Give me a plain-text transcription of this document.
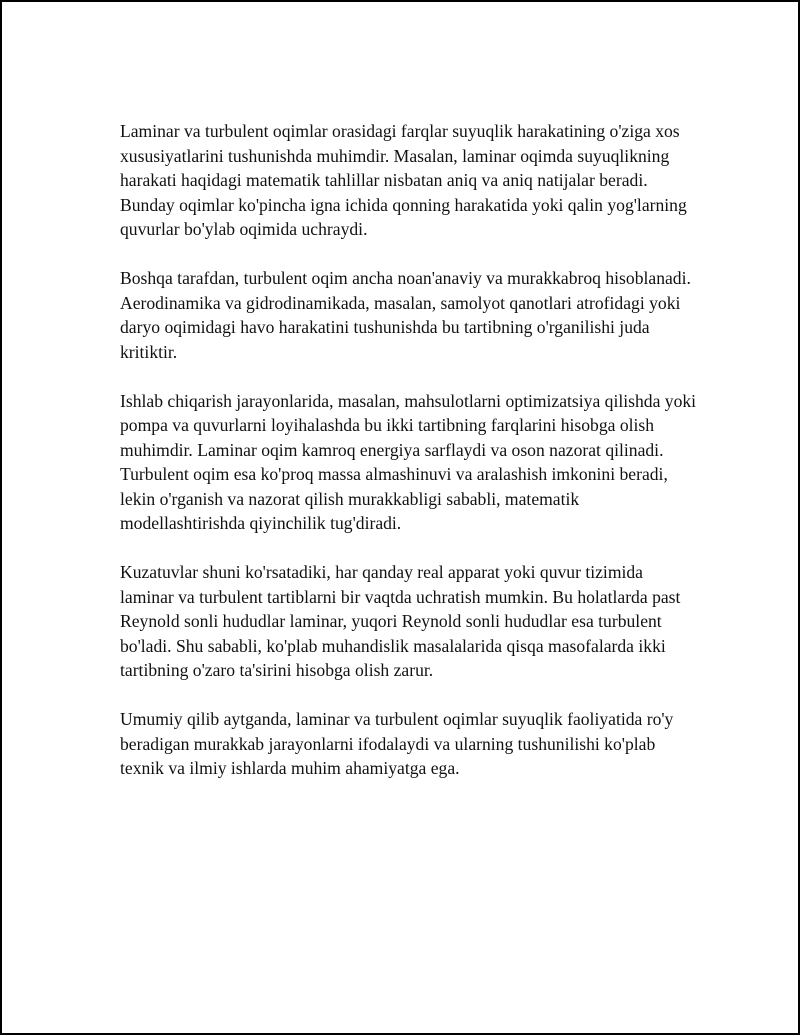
Laminar va turbulent oqimlar orasidagi farqlar suyuqlik harakatining o'ziga xos xususiyatlarini tushunishda muhimdir. Masalan, laminar oqimda suyuqlikning harakati haqidagi matematik tahlillar nisbatan aniq va aniq natijalar beradi. Bunday oqimlar ko'pincha igna ichida qonning harakatida yoki qalin yog'larning quvurlar bo'ylab oqimida uchraydi.

Boshqa tarafdan, turbulent oqim ancha noan'anaviy va murakkabroq hisoblanadi. Aerodinamika va gidrodinamikada, masalan, samolyot qanotlari atrofidagi yoki daryo oqimidagi havo harakatini tushunishda bu tartibning o'rganilishi juda kritiktir.

Ishlab chiqarish jarayonlarida, masalan, mahsulotlarni optimizatsiya qilishda yoki pompa va quvurlarni loyihalashda bu ikki tartibning farqlarini hisobga olish muhimdir. Laminar oqim kamroq energiya sarflaydi va oson nazorat qilinadi. Turbulent oqim esa ko'proq massa almashinuvi va aralashish imkonini beradi, lekin o'rganish va nazorat qilish murakkabligi sababli, matematik modellashtirishda qiyinchilik tug'diradi.

Kuzatuvlar shuni ko'rsatadiki, har qanday real apparat yoki quvur tizimida laminar va turbulent tartiblarni bir vaqtda uchratish mumkin. Bu holatlarda past Reynold sonli hududlar laminar, yuqori Reynold sonli hududlar esa turbulent bo'ladi. Shu sababli, ko'plab muhandislik masalalarida qisqa masofalarda ikki tartibning o'zaro ta'sirini hisobga olish zarur.

Umumiy qilib aytganda, laminar va turbulent oqimlar suyuqlik faoliyatida ro'y beradigan murakkab jarayonlarni ifodalaydi va ularning tushunilishi ko'plab texnik va ilmiy ishlarda muhim ahamiyatga ega.
